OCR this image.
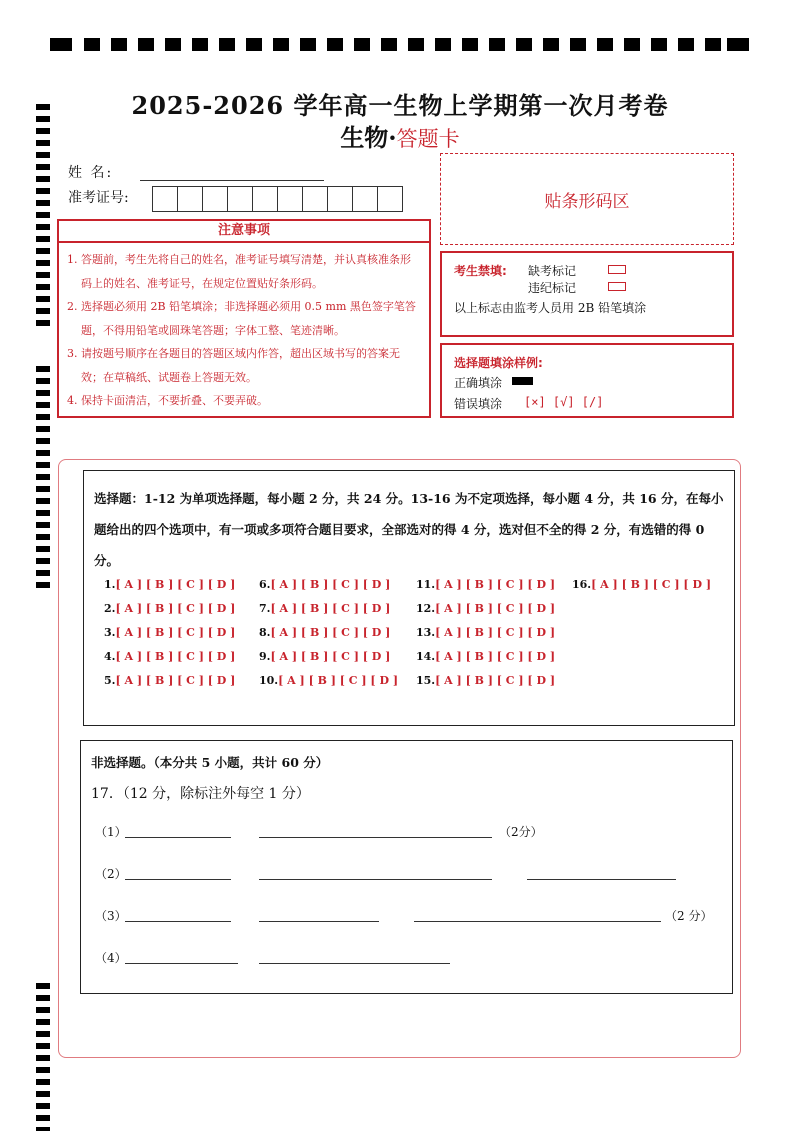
2025-2026 学年高一生物上学期第一次月考卷
生物·答题卡
姓 名:
准考证号:	贴条形码区
注意事项
1. 答题前，考生先将自己的姓名，准考证号填写清楚，并认真核准条形码上的姓名、准考证号，在规定位置贴好条形码。
2. 选择题必须用 2B 铅笔填涂；非选择题必须用 0.5 mm 黑色签字笔答题，不得用铅笔或圆珠笔答题；字体工整、笔迹清晰。
3. 请按题号顺序在各题目的答题区域内作答，超出区域书写的答案无效；在草稿纸、试题卷上答题无效。
4. 保持卡面清洁，不要折叠、不要弄破。
考生禁填: 缺考标记
违纪标记
以上标志由监考人员用 2B 铅笔填涂
选择题填涂样例:
正确填涂
错误填涂 [×] [√] [/]
选择题：1-12 为单项选择题，每小题 2 分，共 24 分。13-16 为不定项选择，每小题 4 分，共 16 分，在每小题给出的四个选项中，有一项或多项符合题目要求，全部选对的得 4 分，选对但不全的得 2 分，有选错的得 0 分。
1.[ A ] [ B ] [ C ] [ D ]
2.[ A ] [ B ] [ C ] [ D ]
3.[ A ] [ B ] [ C ] [ D ]
4.[ A ] [ B ] [ C ] [ D ]
5.[ A ] [ B ] [ C ] [ D ]
6.[ A ] [ B ] [ C ] [ D ]
7.[ A ] [ B ] [ C ] [ D ]
8.[ A ] [ B ] [ C ] [ D ]
9.[ A ] [ B ] [ C ] [ D ]
10.[ A ] [ B ] [ C ] [ D ]
11.[ A ] [ B ] [ C ] [ D ]
12.[ A ] [ B ] [ C ] [ D ]
13.[ A ] [ B ] [ C ] [ D ]
14.[ A ] [ B ] [ C ] [ D ]
15.[ A ] [ B ] [ C ] [ D ]
16.[ A ] [ B ] [ C ] [ D ]
非选择题。（本分共 5 小题，共计 60 分）
17．（12 分，除标注外每空 1 分）
（1）	（2分）
（2）
（3）	（2 分）
（4）
